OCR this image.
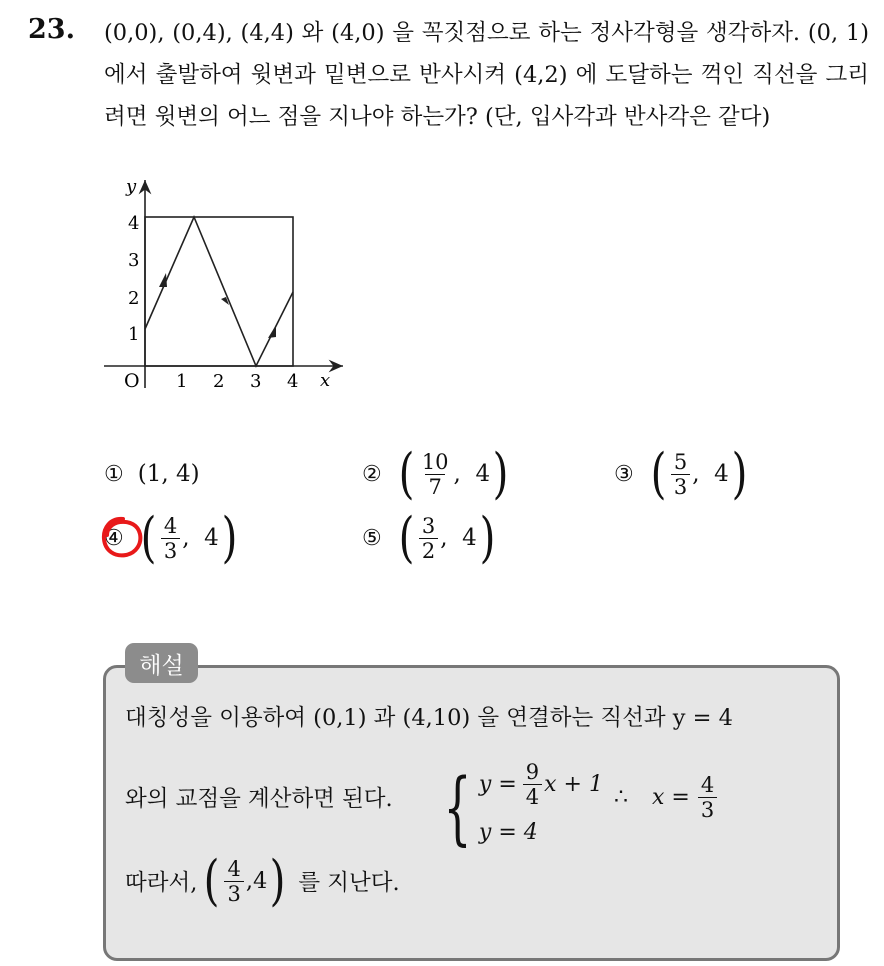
23. (0,0), (0,4), (4,4) 와 (4,0) 을 꼭짓점으로 하는 정사각형을 생각하자. (0, 1) 에서 출발하여 윗변과 밑변으로 반사시켜 (4,2) 에 도달하는 꺽인 직선을 그리려면 윗변의 어느 점을 지나야 하는가? (단, 입사각과 반사각은 같다)
y
x
O 1 2 3 4
4
3
2
1
① (1, 4)	② ( $\frac{10}{7}$ , 4 )	③ ( $\frac{5}{3}$ , 4 )
④ ( $\frac{4}{3}$ , 4 )	⑤ ( $\frac{3}{2}$ , 4 )
해설
대칭성을 이용하여 (0,1) 과 (4,10) 을 연결하는 직선과 y = 4
와의 교점을 계산하면 된다. { $y = \frac{9}{4}$ x + 1
y = 4
∴ $x = \frac{4}{3}$
따라서, ( $\frac{4}{3} ,4$ ) 를 지난다.
